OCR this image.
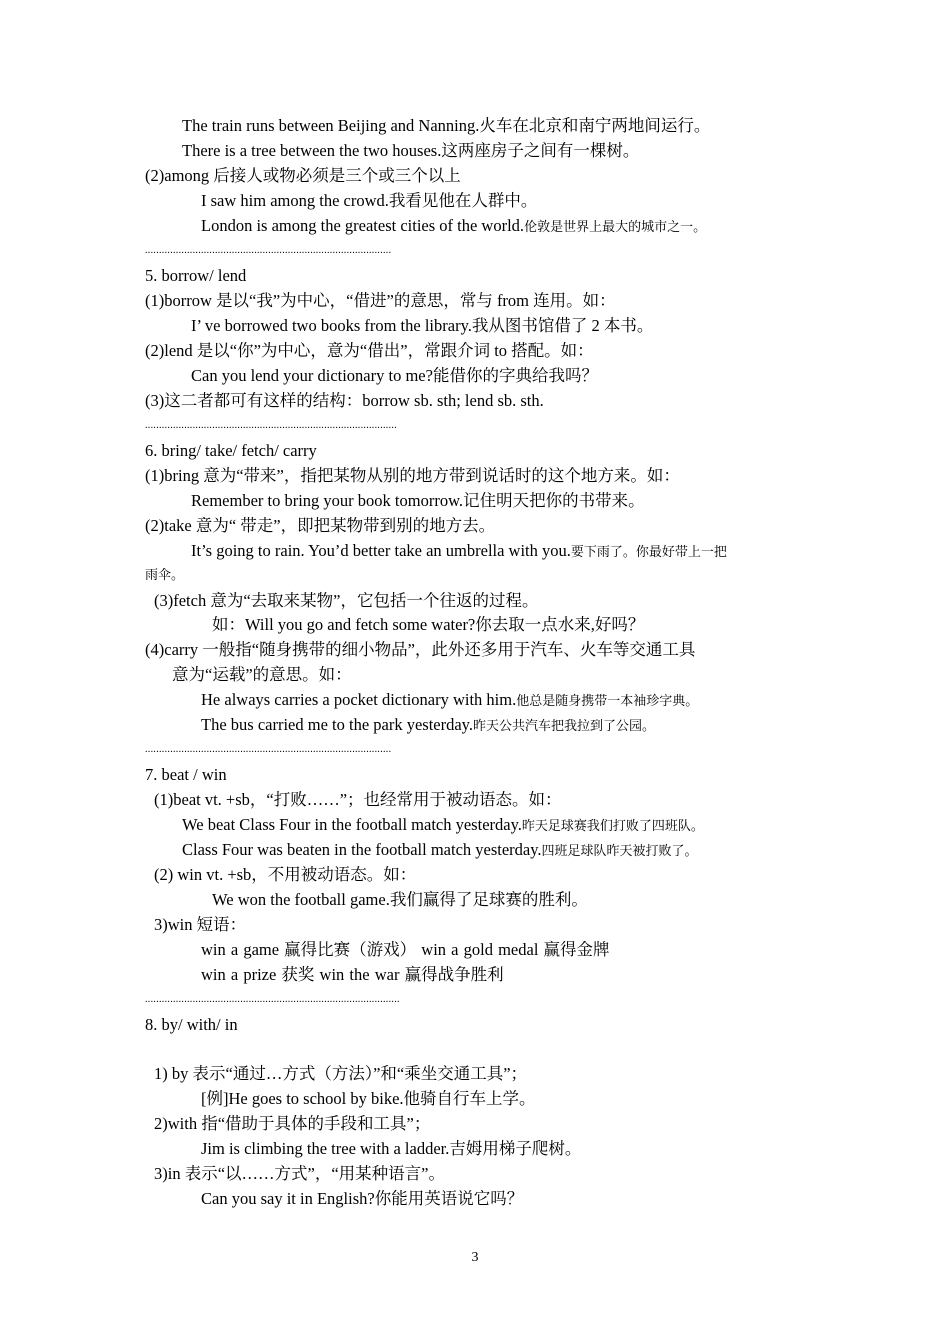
The train runs between Beijing and Nanning.火车在北京和南宁两地间运行。
There is a tree between the two houses.这两座房子之间有一棵树。
(2)among 后接人或物必须是三个或三个以上
I saw him among the crowd.我看见他在人群中。
London is among the greatest cities of the world.伦敦是世界上最大的城市之一。
........................................................................................
5. borrow/ lend
(1)borrow 是以“我”为中心，“借进”的意思，常与 from 连用。如：
I’ ve borrowed two books from the library.我从图书馆借了 2 本书。
(2)lend 是以“你”为中心，意为“借出”，常跟介词 to 搭配。如：
Can you lend your dictionary to me?能借你的字典给我吗？
(3)这二者都可有这样的结构：borrow sb. sth; lend sb. sth.
..........................................................................................
6. bring/ take/ fetch/ carry
(1)bring 意为“带来”，指把某物从别的地方带到说话时的这个地方来。如：
Remember to bring your book tomorrow.记住明天把你的书带来。
(2)take 意为“ 带走”，即把某物带到别的地方去。
It’s going to rain. You’d better take an umbrella with you.要下雨了。你最好带上一把
雨伞。
(3)fetch 意为“去取来某物”，它包括一个往返的过程。
如：Will you go and fetch some water?你去取一点水来,好吗？
(4)carry 一般指“随身携带的细小物品”，此外还多用于汽车、火车等交通工具
意为“运载”的意思。如：
He always carries a pocket dictionary with him.他总是随身携带一本袖珍字典。
The bus carried me to the park yesterday.昨天公共汽车把我拉到了公园。
........................................................................................
7. beat / win
(1)beat vt. +sb，“打败……”；也经常用于被动语态。如：
We beat Class Four in the football match yesterday.昨天足球赛我们打败了四班队。
Class Four was beaten in the football match yesterday.四班足球队昨天被打败了。
(2) win vt. +sb，不用被动语态。如：
We won the football game.我们赢得了足球赛的胜利。
3)win 短语：
win a game 赢得比赛（游戏） win a gold medal 赢得金牌
win a prize 获奖 win the war 赢得战争胜利
...........................................................................................
8. by/ with/ in
1) by 表示“通过…方式（方法）”和“乘坐交通工具”；
[例]He goes to school by bike.他骑自行车上学。
2)with 指“借助于具体的手段和工具”；
Jim is climbing the tree with a ladder.吉姆用梯子爬树。
3)in 表示“以……方式”，“用某种语言”。
Can you say it in English?你能用英语说它吗？
3
